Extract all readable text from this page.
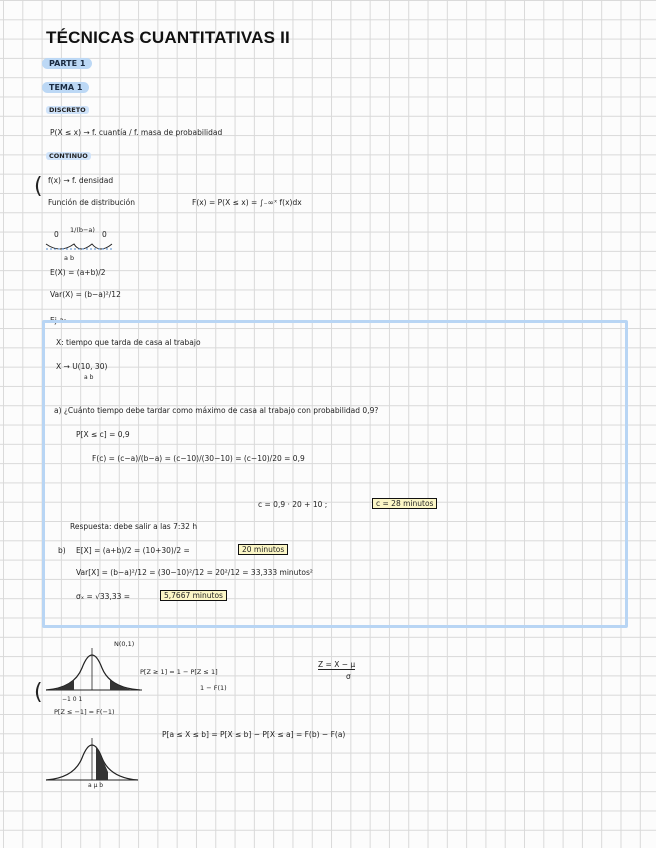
TÉCNICAS CUANTITATIVAS II
PARTE 1
TEMA 1
DISCRETO
P(X ≤ x) → f. cuantía / f. masa de probabilidad
CONTINUO
( f(x) → f. densidad
Función de distribución	F(x) = P(X ≤ x) = ∫₋∞ˣ f(x)dx
0 1/(b−a) 0
a b
E(X) = (a+b)/2
Var(X) = (b−a)²/12
Ej a:
X: tiempo que tarda de casa al trabajo
X → U(10, 30)
a b
a) ¿Cuánto tiempo debe tardar como máximo de casa al trabajo con probabilidad 0,9?
P[X ≤ c] = 0,9
F(c) = (c−a)/(b−a) = (c−10)/(30−10) = (c−10)/20 = 0,9
c = 0,9 · 20 + 10 ;	c = 28 minutos
Respuesta: debe salir a las 7:32 h
b) E[X] = (a+b)/2 = (10+30)/2 =	20 minutos
Var[X] = (b−a)²/12 = (30−10)²/12 = 20²/12 = 33,333 minutos²
σₓ = √33,33 =	5,7667 minutos
N(0,1)
P[Z ≥ 1] = 1 − P[Z ≤ 1]
1 − F(1)
−1 0 1
(
P[Z ≤ −1] = F(−1)
Z = X − μ
σ
P[a ≤ X ≤ b] = P[X ≤ b] − P[X ≤ a] = F(b) − F(a)
a μ b
